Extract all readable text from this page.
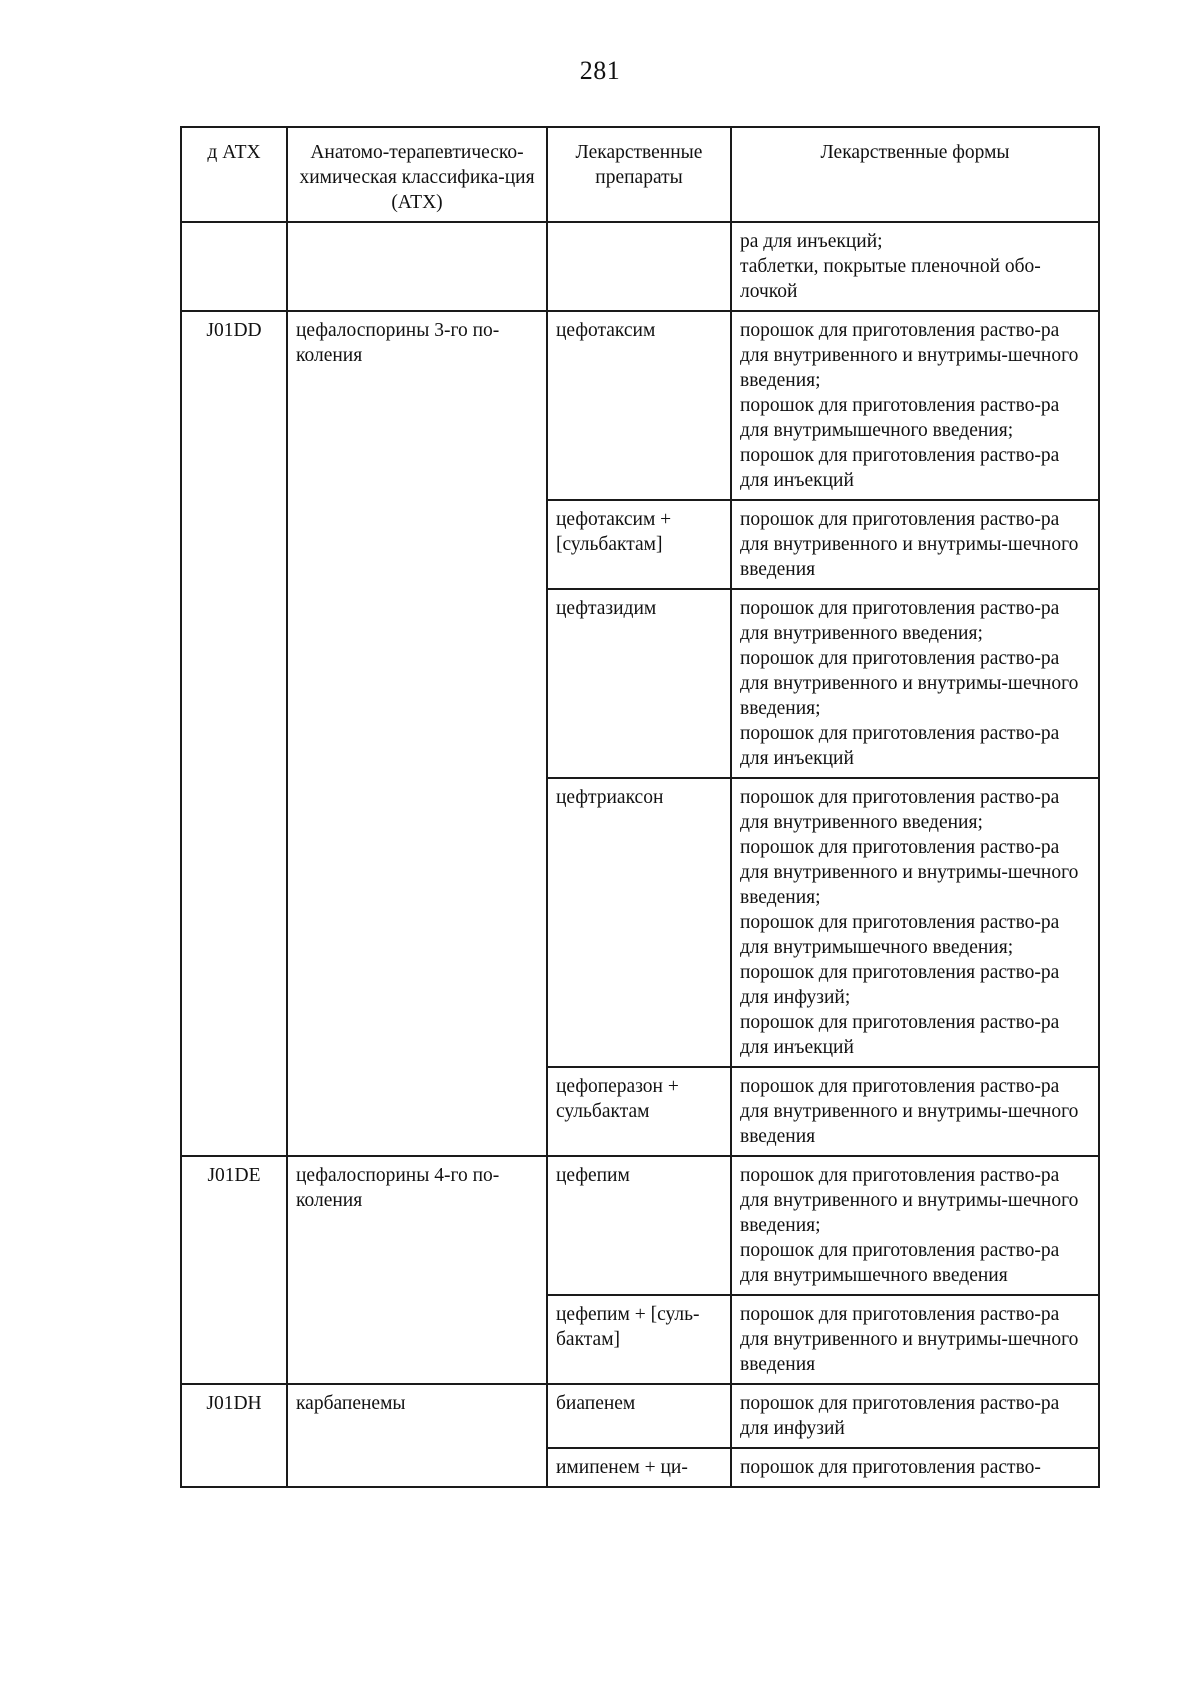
281
д АТХ	Анатомо-терапевтическо-химическая классифика-ция (АТХ)	Лекарственные препараты	Лекарственные формы

			ра для инъекций;
таблетки, покрытые пленочной обо-лочкой

J01DD	цефалоспорины 3-го по-коления	цефотаксим	порошок для приготовления раство-ра для внутривенного и внутримы-шечного введения;
порошок для приготовления раство-ра для внутримышечного введения;
порошок для приготовления раство-ра для инъекций

		цефотаксим + [сульбактам]	порошок для приготовления раство-ра для внутривенного и внутримы-шечного введения

		цефтазидим	порошок для приготовления раство-ра для внутривенного введения;
порошок для приготовления раство-ра для внутривенного и внутримы-шечного введения;
порошок для приготовления раство-ра для инъекций

		цефтриаксон	порошок для приготовления раство-ра для внутривенного введения;
порошок для приготовления раство-ра для внутривенного и внутримы-шечного введения;
порошок для приготовления раство-ра для внутримышечного введения;
порошок для приготовления раство-ра для инфузий;
порошок для приготовления раство-ра для инъекций

		цефоперазон + сульбактам	порошок для приготовления раство-ра для внутривенного и внутримы-шечного введения

J01DE	цефалоспорины 4-го по-коления	цефепим	порошок для приготовления раство-ра для внутривенного и внутримы-шечного введения;
порошок для приготовления раство-ра для внутримышечного введения

		цефепим + [суль-бактам]	порошок для приготовления раство-ра для внутривенного и внутримы-шечного введения

J01DH	карбапенемы	биапенем	порошок для приготовления раство-ра для инфузий

		имипенем + ци-	порошок для приготовления раство-
